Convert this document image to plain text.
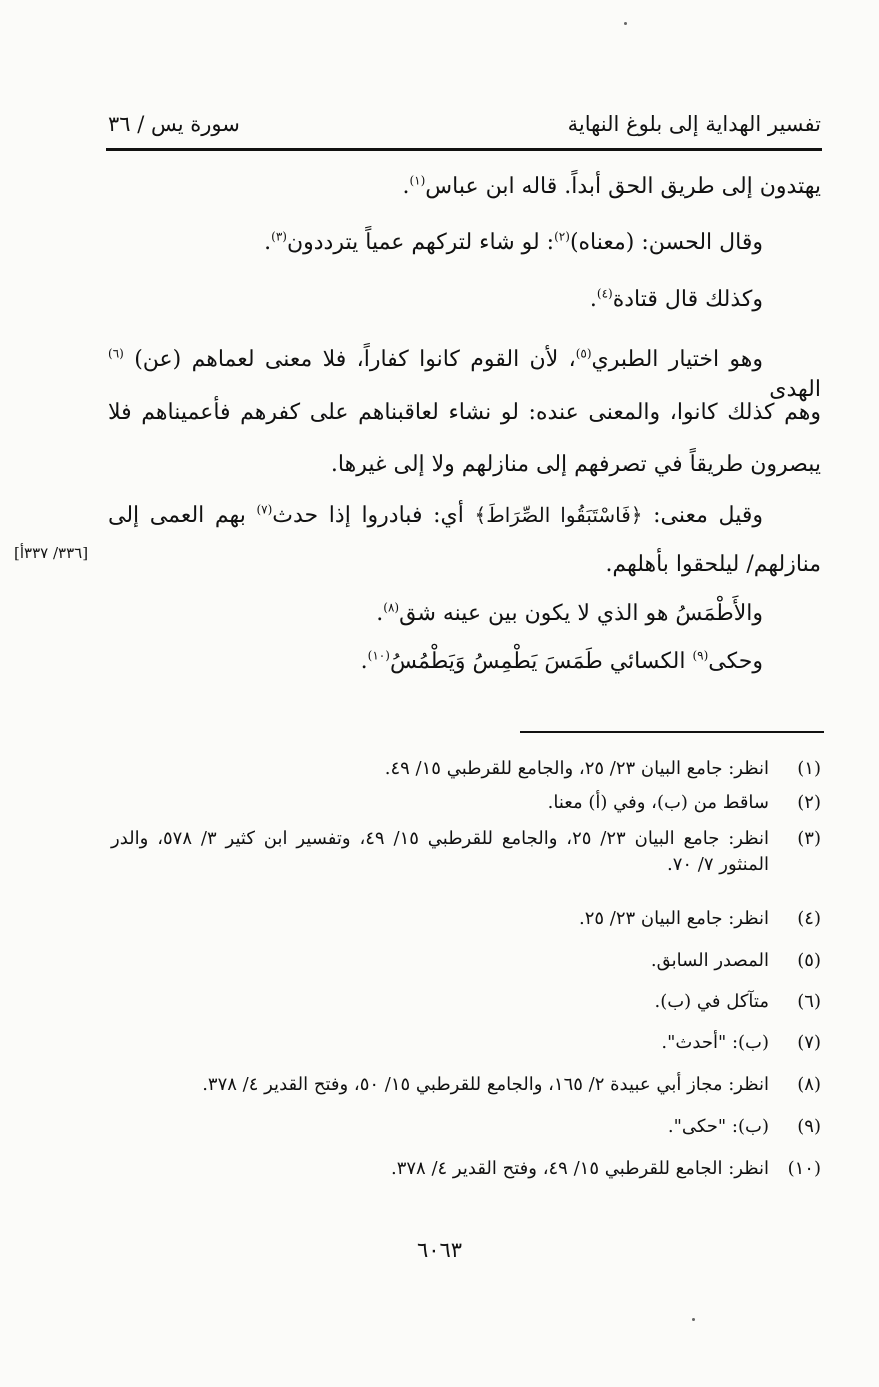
سورة يس / ٣٦	تفسير الهداية إلى بلوغ النهاية
يهتدون إلى طريق الحق أبداً. قاله ابن عباس$^{(١)}$.
وقال الحسن: (معناه)$^{(٢)}$: لو شاء لتركهم عمياً يترددون$^{(٣)}$.
وكذلك قال قتادة$^{(٤)}$.
وهو اختيار الطبري$^{(٥)}$، لأن القوم كانوا كفاراً، فلا معنى لعماهم (عن) $^{(٦)}$ الهدى
وهم كذلك كانوا، والمعنى عنده: لو نشاء لعاقبناهم على كفرهم فأعميناهم فلا
يبصرون طريقاً في تصرفهم إلى منازلهم ولا إلى غيرها.
وقيل معنى: ﴿فَاسْتَبَقُوا الصِّرَاطَ﴾ أي: فبادروا إذا حدث$^{(٧)}$ بهم العمى إلى
منازلهم/ ليلحقوا بأهلهم.
[٣٣٦/ ٣٣٧أ]
والأَطْمَسُ هو الذي لا يكون بين عينه شق$^{(٨)}$.
وحكى$^{(٩)}$ الكسائي طَمَسَ يَطْمِسُ وَيَطْمُسُ$^{(١٠)}$.
(١)
انظر: جامع البيان ٢٣/ ٢٥، والجامع للقرطبي ١٥/ ٤٩.
(٢)
ساقط من (ب)، وفي (أ) معنا.
(٣)
انظر: جامع البيان ٢٣/ ٢٥، والجامع للقرطبي ١٥/ ٤٩، وتفسير ابن كثير ٣/ ٥٧٨، والدر المنثور ٧/ ٧٠.
(٤)
انظر: جامع البيان ٢٣/ ٢٥.
(٥)
المصدر السابق.
(٦)
متآكل في (ب).
(٧)
(ب): "أحدث".
(٨)
انظر: مجاز أبي عبيدة ٢/ ١٦٥، والجامع للقرطبي ١٥/ ٥٠، وفتح القدير ٤/ ٣٧٨.
(٩)
(ب): "حكى".
(١٠)
انظر: الجامع للقرطبي ١٥/ ٤٩، وفتح القدير ٤/ ٣٧٨.
٦٠٦٣
